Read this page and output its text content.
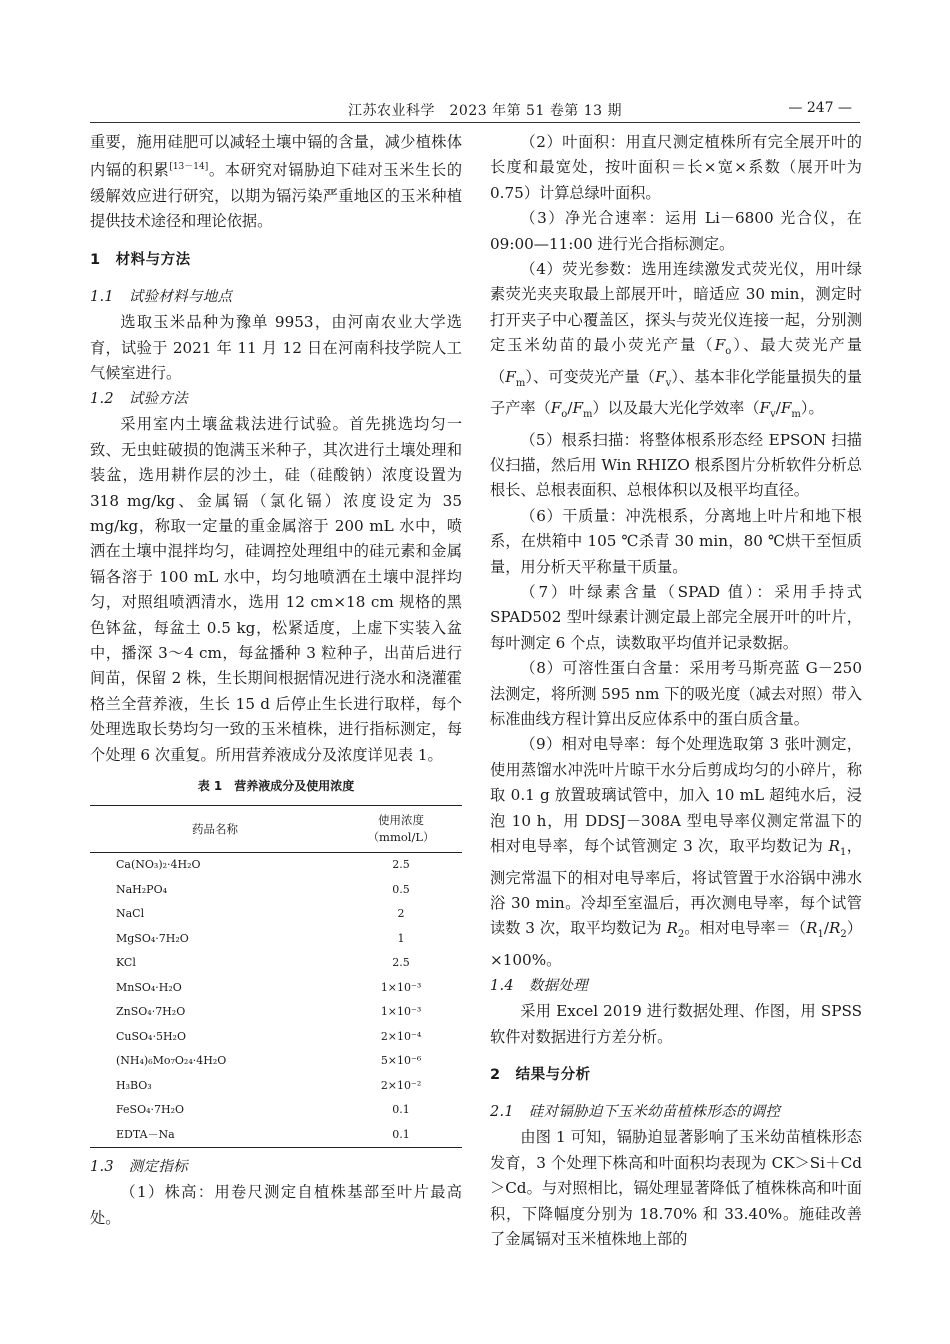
江苏农业科学　2023 年第 51 卷第 13 期	— 247 —

重要，施用硅肥可以减轻土壤中镉的含量，减少植株体内镉的积累[13－14]。本研究对镉胁迫下硅对玉米生长的缓解效应进行研究，以期为镉污染严重地区的玉米种植提供技术途径和理论依据。

1　材料与方法
1.1　试验材料与地点

选取玉米品种为豫单 9953，由河南农业大学选育，试验于 2021 年 11 月 12 日在河南科技学院人工气候室进行。

1.2　试验方法

采用室内土壤盆栽法进行试验。首先挑选均匀一致、无虫蛀破损的饱满玉米种子，其次进行土壤处理和装盆，选用耕作层的沙土，硅（硅酸钠）浓度设置为 318 mg/kg、金属镉（氯化镉）浓度设定为 35 mg/kg，称取一定量的重金属溶于 200 mL 水中，喷洒在土壤中混拌均匀，硅调控处理组中的硅元素和金属镉各溶于 100 mL 水中，均匀地喷洒在土壤中混拌均匀，对照组喷洒清水，选用 12 cm×18 cm 规格的黑色钵盆，每盆土 0.5 kg，松紧适度，上虚下实装入盆中，播深 3～4 cm，每盆播种 3 粒种子，出苗后进行间苗，保留 2 株，生长期间根据情况进行浇水和浇灌霍格兰全营养液，生长 15 d 后停止生长进行取样，每个处理选取长势均匀一致的玉米植株，进行指标测定，每个处理 6 次重复。所用营养液成分及浓度详见表 1。

表 1 营养液成分及使用浓度
药品名称	使用浓度
（mmol/L）
Ca(NO₃)₂·4H₂O	2.5
NaH₂PO₄	0.5
NaCl	2
MgSO₄·7H₂O	1
KCl	2.5
MnSO₄·H₂O	1×10⁻³
ZnSO₄·7H₂O	1×10⁻³
CuSO₄·5H₂O	2×10⁻⁴
(NH₄)₆Mo₇O₂₄·4H₂O	5×10⁻⁶
H₃BO₃	2×10⁻²
FeSO₄·7H₂O	0.1
EDTA－Na	0.1
1.3　测定指标

（1）株高：用卷尺测定自植株基部至叶片最高处。

（2）叶面积：用直尺测定植株所有完全展开叶的长度和最宽处，按叶面积＝长×宽×系数（展开叶为 0.75）计算总绿叶面积。

（3）净光合速率：运用 Li－6800 光合仪，在 09:00—11:00 进行光合指标测定。

（4）荧光参数：选用连续激发式荧光仪，用叶绿素荧光夹夹取最上部展开叶，暗适应 30 min，测定时打开夹子中心覆盖区，探头与荧光仪连接一起，分别测定玉米幼苗的最小荧光产量$(F_o)$、最大荧光产量$(F_m)$、可变荧光产量$(F_v)$、基本非化学能量损失的量子产率$(F_o/F_m)$以及最大光化学效率$(F_v/F_m)$。

（5）根系扫描：将整体根系形态经 EPSON 扫描仪扫描，然后用 Win RHIZO 根系图片分析软件分析总根长、总根表面积、总根体积以及根平均直径。

（6）干质量：冲洗根系，分离地上叶片和地下根系，在烘箱中 105 ℃杀青 30 min，80 ℃烘干至恒质量，用分析天平称量干质量。

（7）叶绿素含量（SPAD 值）：采用手持式 SPAD502 型叶绿素计测定最上部完全展开叶的叶片，每叶测定 6 个点，读数取平均值并记录数据。

（8）可溶性蛋白含量：采用考马斯亮蓝 G－250 法测定，将所测 595 nm 下的吸光度（减去对照）带入标准曲线方程计算出反应体系中的蛋白质含量。

（9）相对电导率：每个处理选取第 3 张叶测定，使用蒸馏水冲洗叶片晾干水分后剪成均匀的小碎片，称取 0.1 g 放置玻璃试管中，加入 10 mL 超纯水后，浸泡 10 h，用 DDSJ－308A 型电导率仪测定常温下的相对电导率，每个试管测定 3 次，取平均数记为 $R_1$，测完常温下的相对电导率后，将试管置于水浴锅中沸水浴 30 min。冷却至室温后，再次测电导率，每个试管读数 3 次，取平均数记为 $R_2$。相对电导率$=(R_1/R_2)\times 100\%$。

1.4　数据处理

采用 Excel 2019 进行数据处理、作图，用 SPSS 软件对数据进行方差分析。

2　结果与分析
2.1　硅对镉胁迫下玉米幼苗植株形态的调控

由图 1 可知，镉胁迫显著影响了玉米幼苗植株形态发育，3 个处理下株高和叶面积均表现为 CK＞Si＋Cd＞Cd。与对照相比，镉处理显著降低了植株株高和叶面积，下降幅度分别为 18.70% 和 33.40%。施硅改善了金属镉对玉米植株地上部的
